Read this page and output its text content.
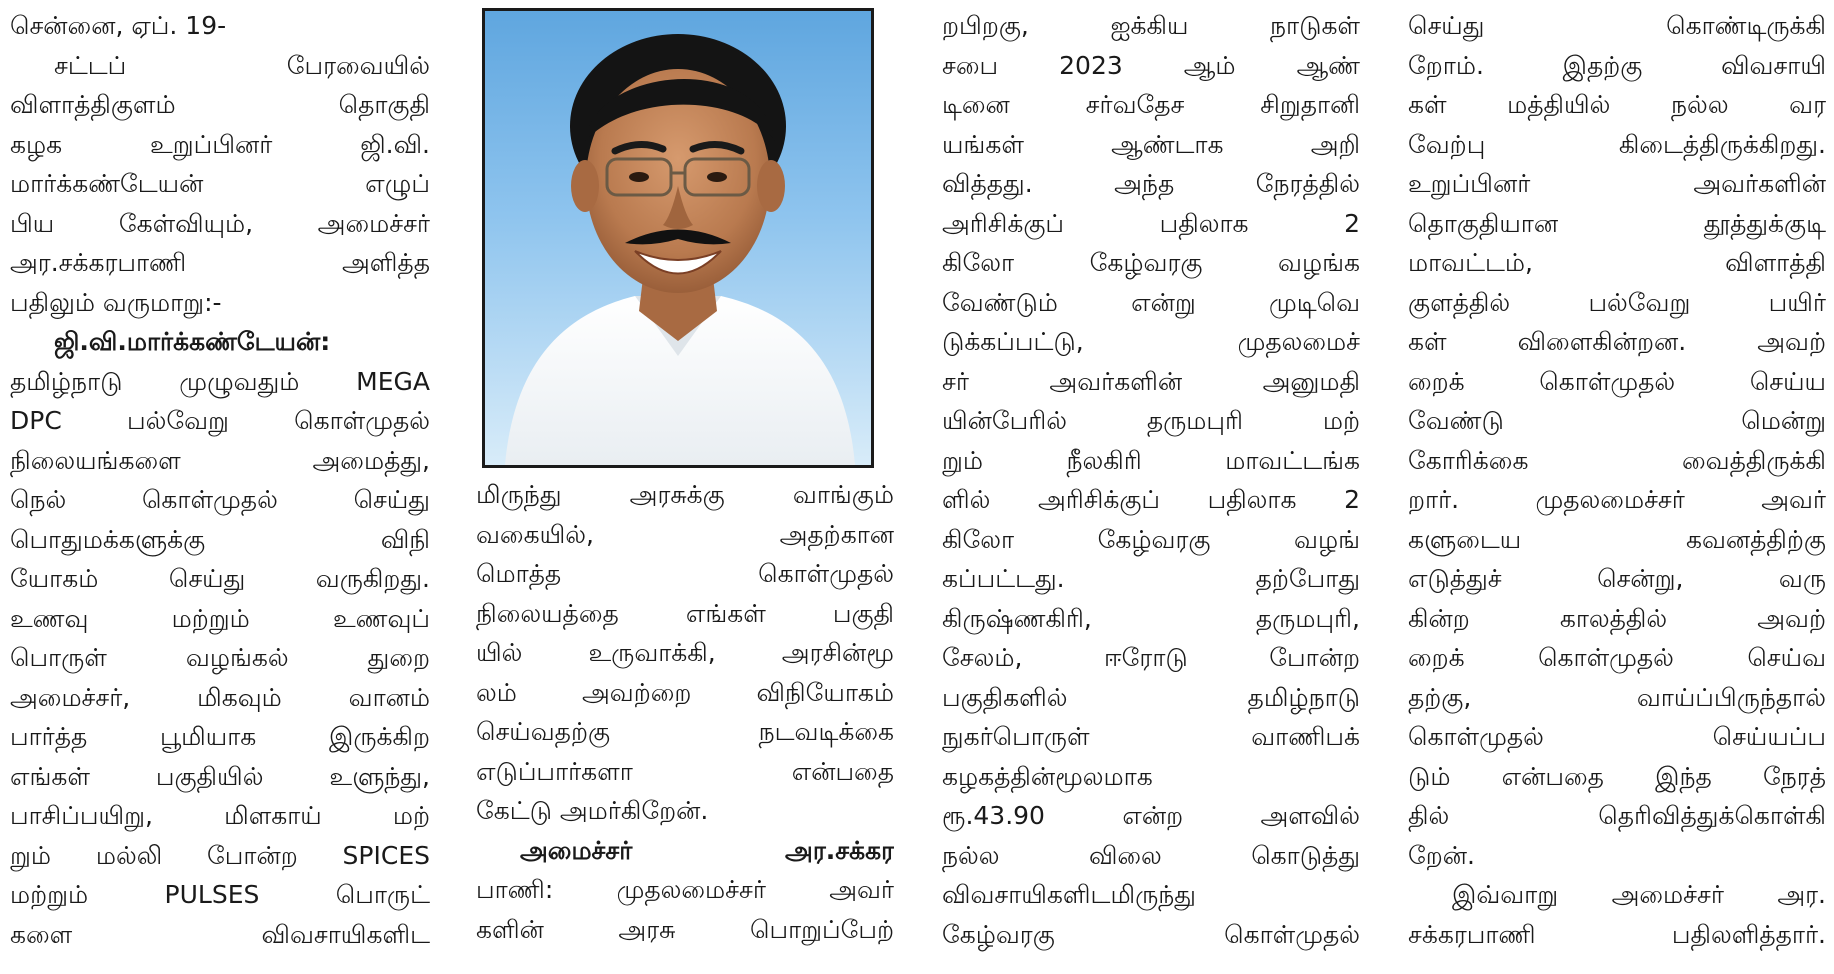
சென்னை, ஏப். 19-
சட்டப் பேரவையில்
விளாத்திகுளம் தொகுதி
கழக உறுப்பினர் ஜி.வி.
மார்க்கண்டேயன் எழுப்
பிய கேள்வியும், அமைச்சர்
அர.சக்கரபாணி அளித்த
பதிலும் வருமாறு:-
ஜி.வி.மார்க்கண்டேயன்:
தமிழ்நாடு முழுவதும் MEGA
DPC பல்வேறு கொள்முதல்
நிலையங்களை அமைத்து,
நெல் கொள்முதல் செய்து
பொதுமக்களுக்கு விநி
யோகம் செய்து வருகிறது.
உணவு மற்றும் உணவுப்
பொருள் வழங்கல் துறை
அமைச்சர், மிகவும் வானம்
பார்த்த பூமியாக இருக்கிற
எங்கள் பகுதியில் உளுந்து,
பாசிப்பயிறு, மிளகாய் மற்
றும் மல்லி போன்ற SPICES
மற்றும் PULSES பொருட்
களை விவசாயிகளிட
மிருந்து அரசுக்கு வாங்கும்
வகையில், அதற்கான
மொத்த கொள்முதல்
நிலையத்தை எங்கள் பகுதி
யில் உருவாக்கி, அரசின்மூ
லம் அவற்றை விநியோகம்
செய்வதற்கு நடவடிக்கை
எடுப்பார்களா என்பதை
கேட்டு அமர்கிறேன்.
அமைச்சர் அர.சக்கர
பாணி: முதலமைச்சர் அவர்
களின் அரசு பொறுப்பேற்
றபிறகு, ஐக்கிய நாடுகள்
சபை 2023 ஆம் ஆண்
டினை சர்வதேச சிறுதானி
யங்கள் ஆண்டாக அறி
வித்தது. அந்த நேரத்தில்
அரிசிக்குப் பதிலாக 2
கிலோ கேழ்வரகு வழங்க
வேண்டும் என்று முடிவெ
டுக்கப்பட்டு, முதலமைச்
சர் அவர்களின் அனுமதி
யின்பேரில் தருமபுரி மற்
றும் நீலகிரி மாவட்டங்க
ளில் அரிசிக்குப் பதிலாக 2
கிலோ கேழ்வரகு வழங்
கப்பட்டது. தற்போது
கிருஷ்ணகிரி, தருமபுரி,
சேலம், ஈரோடு போன்ற
பகுதிகளில் தமிழ்நாடு
நுகர்பொருள் வாணிபக்
கழகத்தின்மூலமாக
ரூ.43.90 என்ற அளவில்
நல்ல விலை கொடுத்து
விவசாயிகளிடமிருந்து
கேழ்வரகு கொள்முதல்
செய்து கொண்டிருக்கி
றோம். இதற்கு விவசாயி
கள் மத்தியில் நல்ல வர
வேற்பு கிடைத்திருக்கிறது.
உறுப்பினர் அவர்களின்
தொகுதியான தூத்துக்குடி
மாவட்டம், விளாத்தி
குளத்தில் பல்வேறு பயிர்
கள் விளைகின்றன. அவற்
றைக் கொள்முதல் செய்ய
வேண்டு மென்று
கோரிக்கை வைத்திருக்கி
றார். முதலமைச்சர் அவர்
களுடைய கவனத்திற்கு
எடுத்துச் சென்று, வரு
கின்ற காலத்தில் அவற்
றைக் கொள்முதல் செய்வ
தற்கு, வாய்ப்பிருந்தால்
கொள்முதல் செய்யப்ப
டும் என்பதை இந்த நேரத்
தில் தெரிவித்துக்கொள்கி
றேன்.
இவ்வாறு அமைச்சர் அர.
சக்கரபாணி பதிலளித்தார்.
